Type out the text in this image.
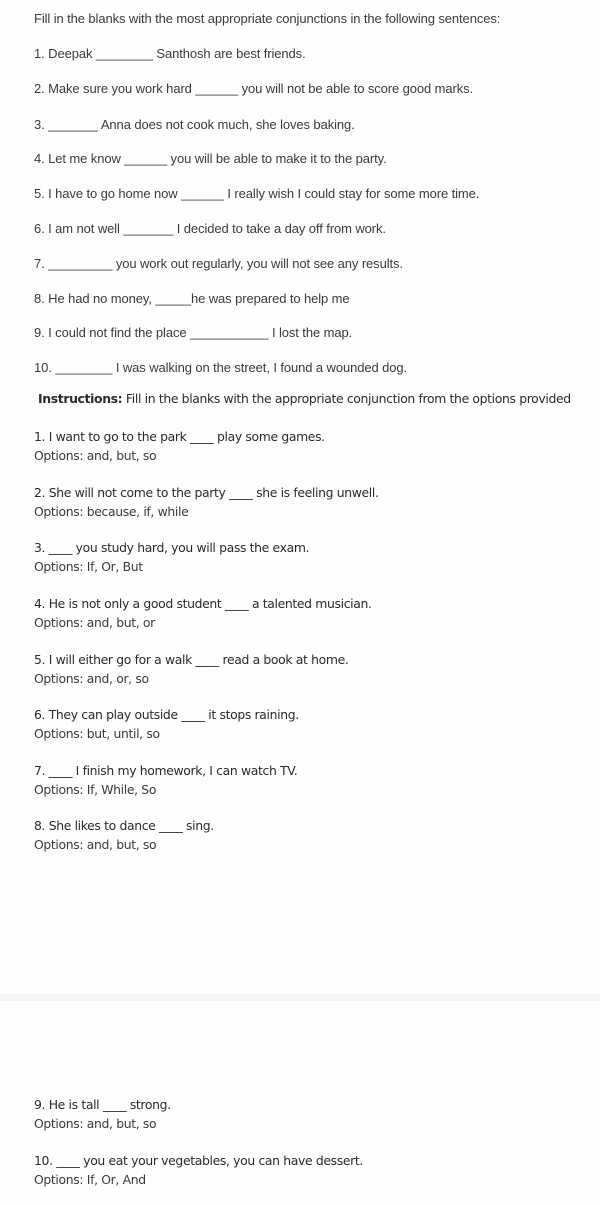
Fill in the blanks with the most appropriate conjunctions in the following sentences:
1. Deepak ________ Santhosh are best friends.
2. Make sure you work hard ______ you will not be able to score good marks.
3. _______ Anna does not cook much, she loves baking.
4. Let me know ______ you will be able to make it to the party.
5. I have to go home now ______ I really wish I could stay for some more time.
6. I am not well _______ I decided to take a day off from work.
7. _________ you work out regularly, you will not see any results.
8. He had no money, _____he was prepared to help me
9. I could not find the place ___________ I lost the map.
10. ________ I was walking on the street, I found a wounded dog.
Instructions: Fill in the blanks with the appropriate conjunction from the options provided
1. I want to go to the park ____ play some games.
Options: and, but, so
2. She will not come to the party ____ she is feeling unwell.
Options: because, if, while
3. ____ you study hard, you will pass the exam.
Options: If, Or, But
4. He is not only a good student ____ a talented musician.
Options: and, but, or
5. I will either go for a walk ____ read a book at home.
Options: and, or, so
6. They can play outside ____ it stops raining.
Options: but, until, so
7. ____ I finish my homework, I can watch TV.
Options: If, While, So
8. She likes to dance ____ sing.
Options: and, but, so
9. He is tall ____ strong.
Options: and, but, so
10. ____ you eat your vegetables, you can have dessert.
Options: If, Or, And
